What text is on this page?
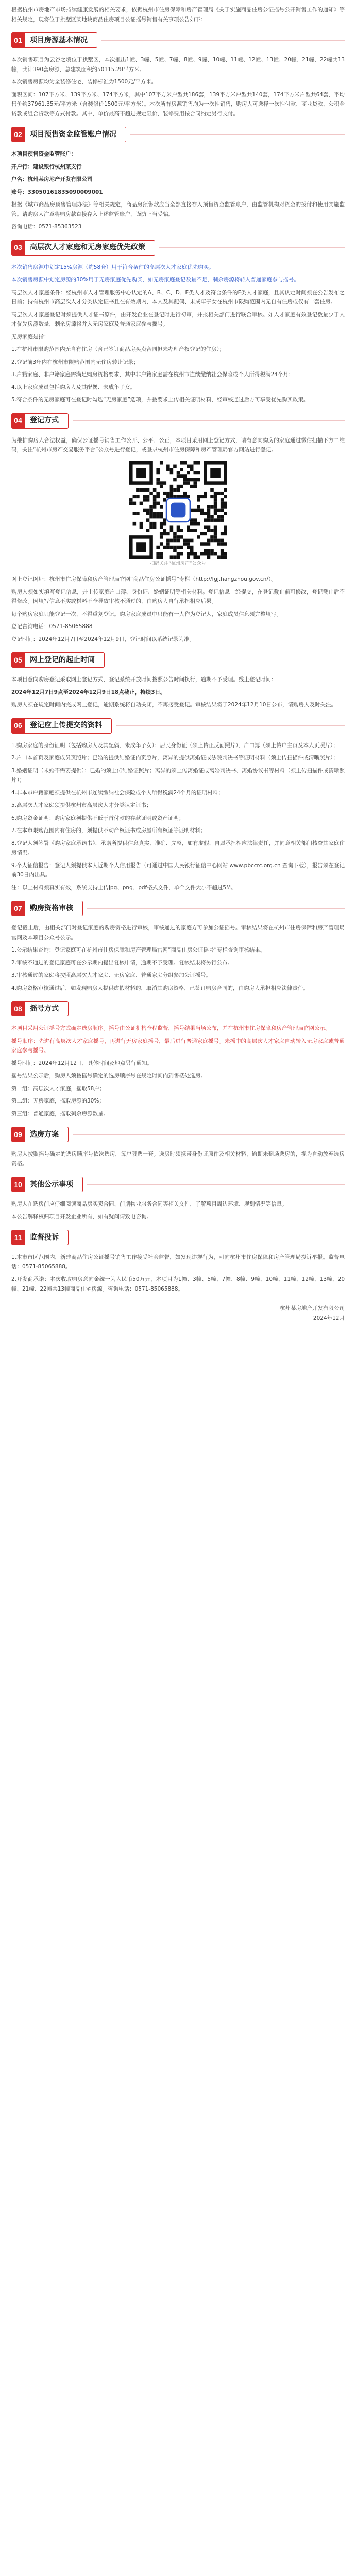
根据杭州市房地产市场持续健康发展的相关要求，依据杭州市住房保障和房产管理局《关于实施商品住房公证摇号公开销售工作的通知》等相关规定，现将位于拱墅区某地块商品住房项目公证摇号销售有关事项公告如下：

01	项目房源基本情况

本次销售项目为云谷之境位于拱墅区，本次推出1幢、3幢、5幢、7幢、8幢、9幢、10幢、11幢、12幢、13幢、20幢、21幢、22幢共13幢，共计390套房源，总建筑面积约50115.28平方米。

本次销售房源均为全装修住宅，装修标准为1500元/平方米。

面积区间：107平方米、139平方米、174平方米，其中107平方米户型共186套，139平方米户型共140套，174平方米户型共64套，平均售价约37961.35元/平方米（含装修价1500元/平方米）。本次所有房源销售均为一次性销售，购房人可选择一次性付款、商业贷款、公积金贷款或组合贷款等方式付款。其中，单价最高不超过规定限价，装修费用按合同约定另行支付。

02	项目预售资金监管账户情况

本项目预售资金监管账户：

开户行：建设银行杭州某支行

户名：杭州某房地产开发有限公司

账号：33050161835090009001

根据《城市商品房预售管理办法》等相关规定，商品房预售款应当全部直接存入预售资金监管账户，由监管机构对资金的拨付和使用实施监管。请购房人注意将购房款直接存入上述监管账户，谨防上当受骗。

咨询电话：0571-85363523

03	高层次人才家庭和无房家庭优先政策

本次销售房源中划定15%房源（约58套）用于符合条件的高层次人才家庭优先购买。

本次销售房源中划定房源的30%用于无房家庭优先购买，如无房家庭登记数量不足，剩余房源将转入普通家庭参与摇号。

高层次人才家庭条件：经杭州市人才管理服务中心认定的A、B、C、D、E类人才及符合条件的F类人才家庭，且其认定时间须在公告发布之日前；持有杭州市高层次人才分类认定证书且在有效期内，本人及其配偶、未成年子女在杭州市限购范围内无自有住房或仅有一套住房。

高层次人才家庭登记时须提供人才证书原件，由开发企业在登记时进行初审，并报相关部门进行联合审核。如人才家庭有效登记数量少于人才优先房源数量，剩余房源将并入无房家庭及普通家庭参与摇号。

无房家庭是指：

1.在杭州市限购范围内无自有住房（含已签订商品房买卖合同但未办理产权登记的住房）；

2.登记前3年内在杭州市限购范围内无住房转让记录；

3.户籍家庭、非户籍家庭需满足购房资格要求，其中非户籍家庭需在杭州市连续缴纳社会保险或个人所得税满24个月；

4.以上家庭成员包括购房人及其配偶、未成年子女。

5.符合条件的无房家庭可在登记时勾选“无房家庭”选项，并按要求上传相关证明材料，经审核通过后方可享受优先购买政策。

04	登记方式

为维护购房人合法权益，确保公证摇号销售工作公开、公平、公正，本项目采用网上登记方式，请有意向购房的家庭通过微信扫描下方二维码，关注“杭州市房产交易服务平台”公众号进行登记，或登录杭州市住房保障和房产管理局官方网站进行登记。

扫码关注“杭州房产”公众号

网上登记网址：杭州市住房保障和房产管理局官网“商品住房公证摇号”专栏（http://fgj.hangzhou.gov.cn/）。

购房人须如实填写登记信息，并上传家庭户口簿、身份证、婚姻证明等相关材料。登记信息一经提交，在登记截止前可修改，登记截止后不得修改。因填写信息不实或材料不全导致审核不通过的，由购房人自行承担相应后果。

每个购房家庭只能登记一次，不得重复登记。购房家庭成员中只能有一人作为登记人，家庭成员信息须完整填写。

登记咨询电话：0571-85065888

登记时间：2024年12月7日至2024年12月9日，登记时间以系统记录为准。

05	网上登记的起止时间

本项目意向购房登记采取网上登记方式，登记系统开放时间按照公告时间执行，逾期不予受理。线上登记时间：

2024年12月7日9点至2024年12月9日18点截止，持续3日。

购房人须在规定时间内完成网上登记，逾期系统将自动关闭，不再接受登记。审核结果将于2024年12月10日公布，请购房人及时关注。

06	登记应上传提交的资料

1.购房家庭的身份证明（包括购房人及其配偶、未成年子女）：居民身份证（须上传正反面照片）、户口簿（须上传户主页及本人页照片）；

2.户口本首页及家庭成员页照片；已婚的提供结婚证内页照片，离异的提供离婚证或法院判决书等证明材料（须上传扫描件或清晰照片）；

3.婚姻证明（未婚不需要提供）：已婚的须上传结婚证照片；离异的须上传离婚证或离婚判决书、离婚协议书等材料（须上传扫描件或清晰照片）；

4.非本市户籍家庭须提供在杭州市连续缴纳社会保险或个人所得税满24个月的证明材料；

5.高层次人才家庭须提供杭州市高层次人才分类认定证书；

6.购房资金证明：购房家庭须提供不低于首付款的存款证明或资产证明；

7.在本市限购范围内有住房的，须提供不动产权证书或房屋所有权证等证明材料；

8.登记人须签署《购房家庭承诺书》，承诺所提供信息真实、准确、完整，如有虚假，自愿承担相应法律责任，并同意相关部门核查其家庭住房情况。

9.个人征信报告：登记人须提供本人近期个人信用报告（可通过中国人民银行征信中心网站 www.pbccrc.org.cn 查询下载），报告须在登记前30日内出具。

注：以上材料须真实有效，系统支持上传jpg、png、pdf格式文件，单个文件大小不超过5M。

07	购房资格审核

登记截止后，由相关部门对登记家庭的购房资格进行审核，审核通过的家庭方可参加公证摇号。审核结果将在杭州市住房保障和房产管理局官网及本项目公众号公示。

1.公示结果查询：登记家庭可在杭州市住房保障和房产管理局官网“商品住房公证摇号”专栏查询审核结果。

2.审核不通过的登记家庭可在公示期内提出复核申请，逾期不予受理。复核结果将另行公布。

3.审核通过的家庭将按照高层次人才家庭、无房家庭、普通家庭分组参加公证摇号。

4.购房资格审核通过后，如发现购房人提供虚假材料的，取消其购房资格，已签订购房合同的，由购房人承担相应法律责任。

08	摇号方式

本项目采用公证摇号方式确定选房顺序。摇号由公证机构全程监督，摇号结果当场公布，并在杭州市住房保障和房产管理局官网公示。

摇号顺序：先进行高层次人才家庭摇号，再进行无房家庭摇号，最后进行普通家庭摇号。未摇中的高层次人才家庭自动转入无房家庭或普通家庭参与摇号。

摇号时间：2024年12月12日，具体时间及地点另行通知。

摇号结果公示后，购房人须按摇号确定的选房顺序号在规定时间内到售楼处选房。

第一组：高层次人才家庭，摇取58户；

第二组：无房家庭，摇取房源的30%；

第三组：普通家庭，摇取剩余房源数量。

09	选房方案

购房人按照摇号确定的选房顺序号依次选房，每户限选一套。选房时须携带身份证原件及相关材料，逾期未到场选房的，视为自动放弃选房资格。

10	其他公示事项

购房人在选房前应仔细阅读商品房买卖合同、前期物业服务合同等相关文件，了解项目周边环境、规划情况等信息。

本公告解释权归项目开发企业所有，如有疑问请致电咨询。

11	监督投诉

1.本市市区范围内，新建商品住房公证摇号销售工作接受社会监督，如发现违规行为，可向杭州市住房保障和房产管理局投诉举报。监督电话：0571-85065888。

2.开发商承诺：本次收取购房意向金统一为人民币50万元，本项目为1幢、3幢、5幢、7幢、8幢、9幢、10幢、11幢、12幢、13幢、20幢、21幢、22幢共13幢商品住宅房源。咨询电话：0571-85065888。

杭州某房地产开发有限公司
2024年12月
